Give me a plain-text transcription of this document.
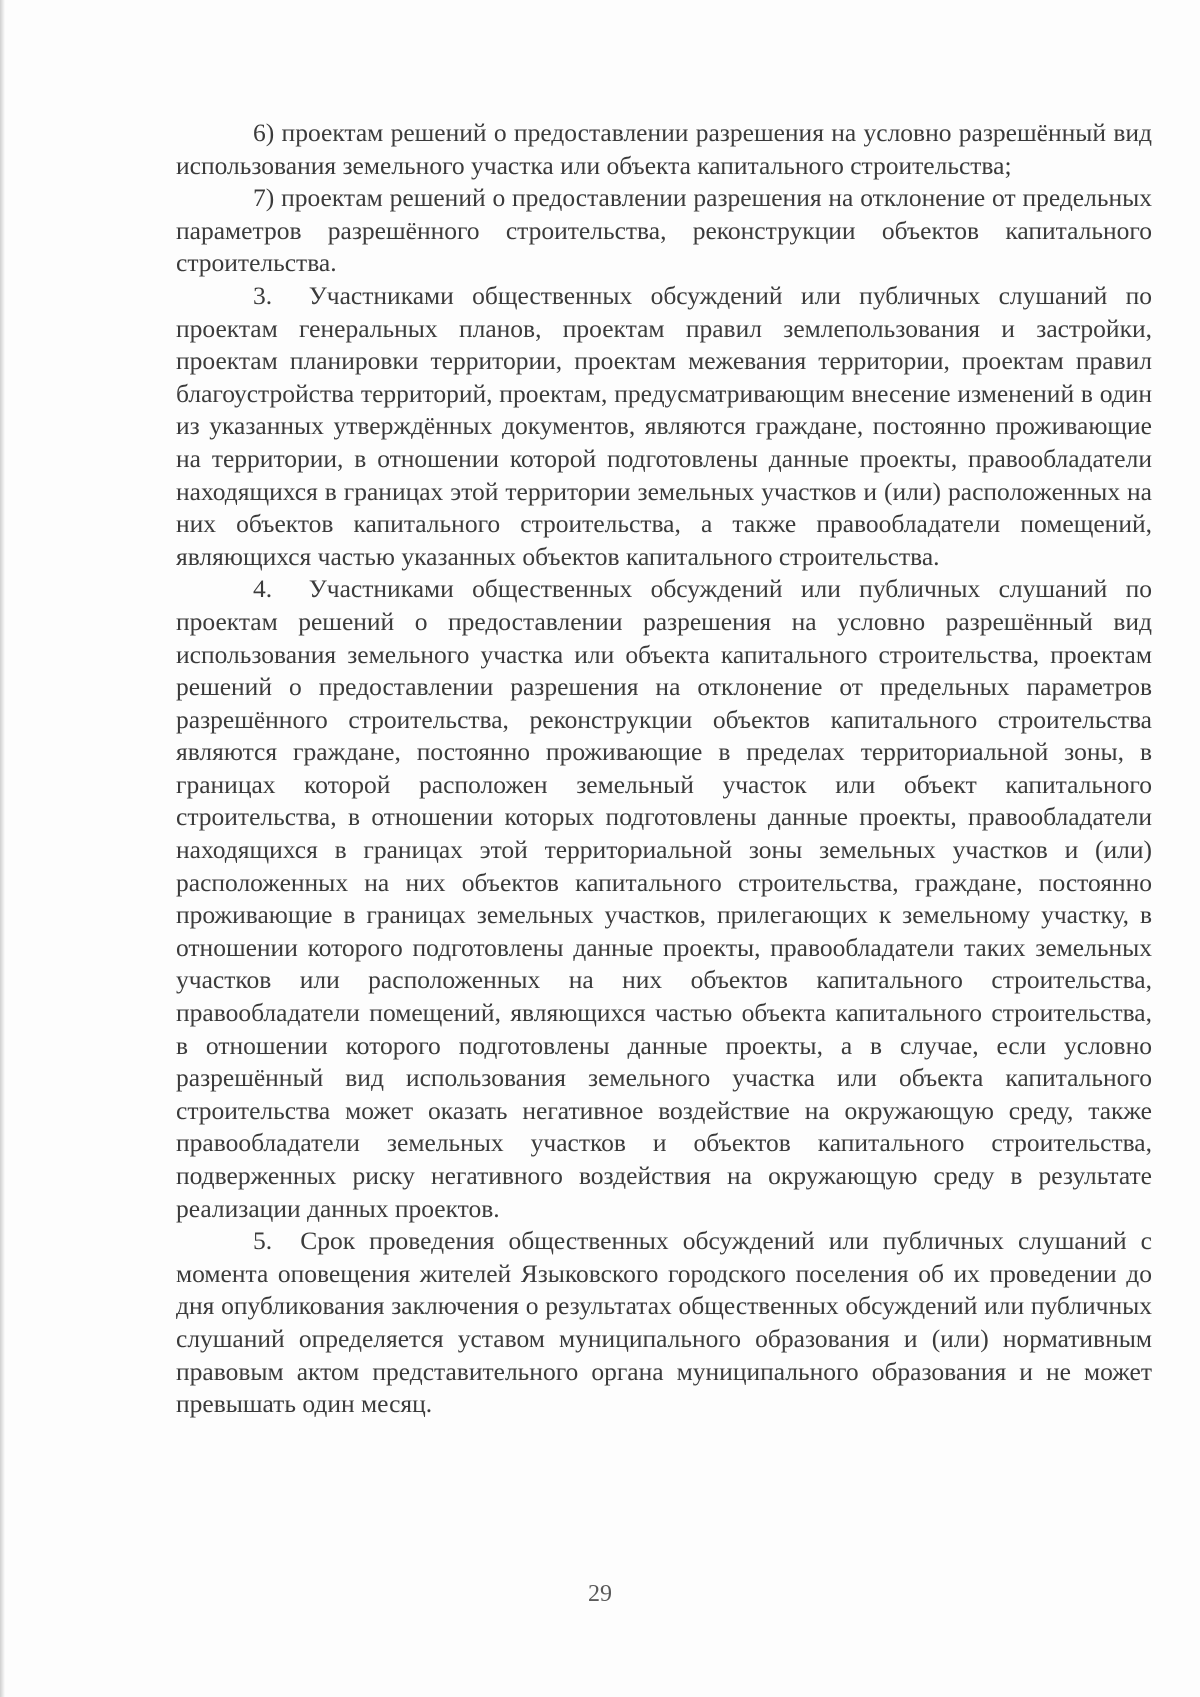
6) проектам решений о предоставлении разрешения на условно разрешённый вид использования земельного участка или объекта капитального строительства;

7) проектам решений о предоставлении разрешения на отклонение от предельных параметров разрешённого строительства, реконструкции объектов капитального строительства.

3.  Участниками общественных обсуждений или публичных слушаний по проектам генеральных планов, проектам правил землепользования и застройки, проектам планировки территории, проектам межевания территории, проектам правил благоустройства территорий, проектам, предусматривающим внесение изменений в один из указанных утверждённых документов, являются граждане, постоянно проживающие на территории, в отношении которой подготовлены данные проекты, правообладатели находящихся в границах этой территории земельных участков и (или) расположенных на них объектов капитального строительства, а также правообладатели помещений, являющихся частью указанных объектов капитального строительства.

4.  Участниками общественных обсуждений или публичных слушаний по проектам решений о предоставлении разрешения на условно разрешённый вид использования земельного участка или объекта капитального строительства, проектам решений о предоставлении разрешения на отклонение от предельных параметров разрешённого строительства, реконструкции объектов капитального строительства являются граждане, постоянно проживающие в пределах территориальной зоны, в границах которой расположен земельный участок или объект капитального строительства, в отношении которых подготовлены данные проекты, правообладатели находящихся в границах этой территориальной зоны земельных участков и (или) расположенных на них объектов капитального строительства, граждане, постоянно проживающие в границах земельных участков, прилегающих к земельному участку, в отношении которого подготовлены данные проекты, правообладатели таких земельных участков или расположенных на них объектов капитального строительства, правообладатели помещений, являющихся частью объекта капитального строительства, в отношении которого подготовлены данные проекты, а в случае, если условно разрешённый вид использования земельного участка или объекта капитального строительства может оказать негативное воздействие на окружающую среду, также правообладатели земельных участков и объектов капитального строительства, подверженных риску негативного воздействия на окружающую среду в результате реализации данных проектов.

5.  Срок проведения общественных обсуждений или публичных слушаний с момента оповещения жителей Языковского городского поселения об их проведении до дня опубликования заключения о результатах общественных обсуждений или публичных слушаний определяется уставом муниципального образования и (или) нормативным правовым актом представительного органа муниципального образования и не может превышать один месяц.

29
